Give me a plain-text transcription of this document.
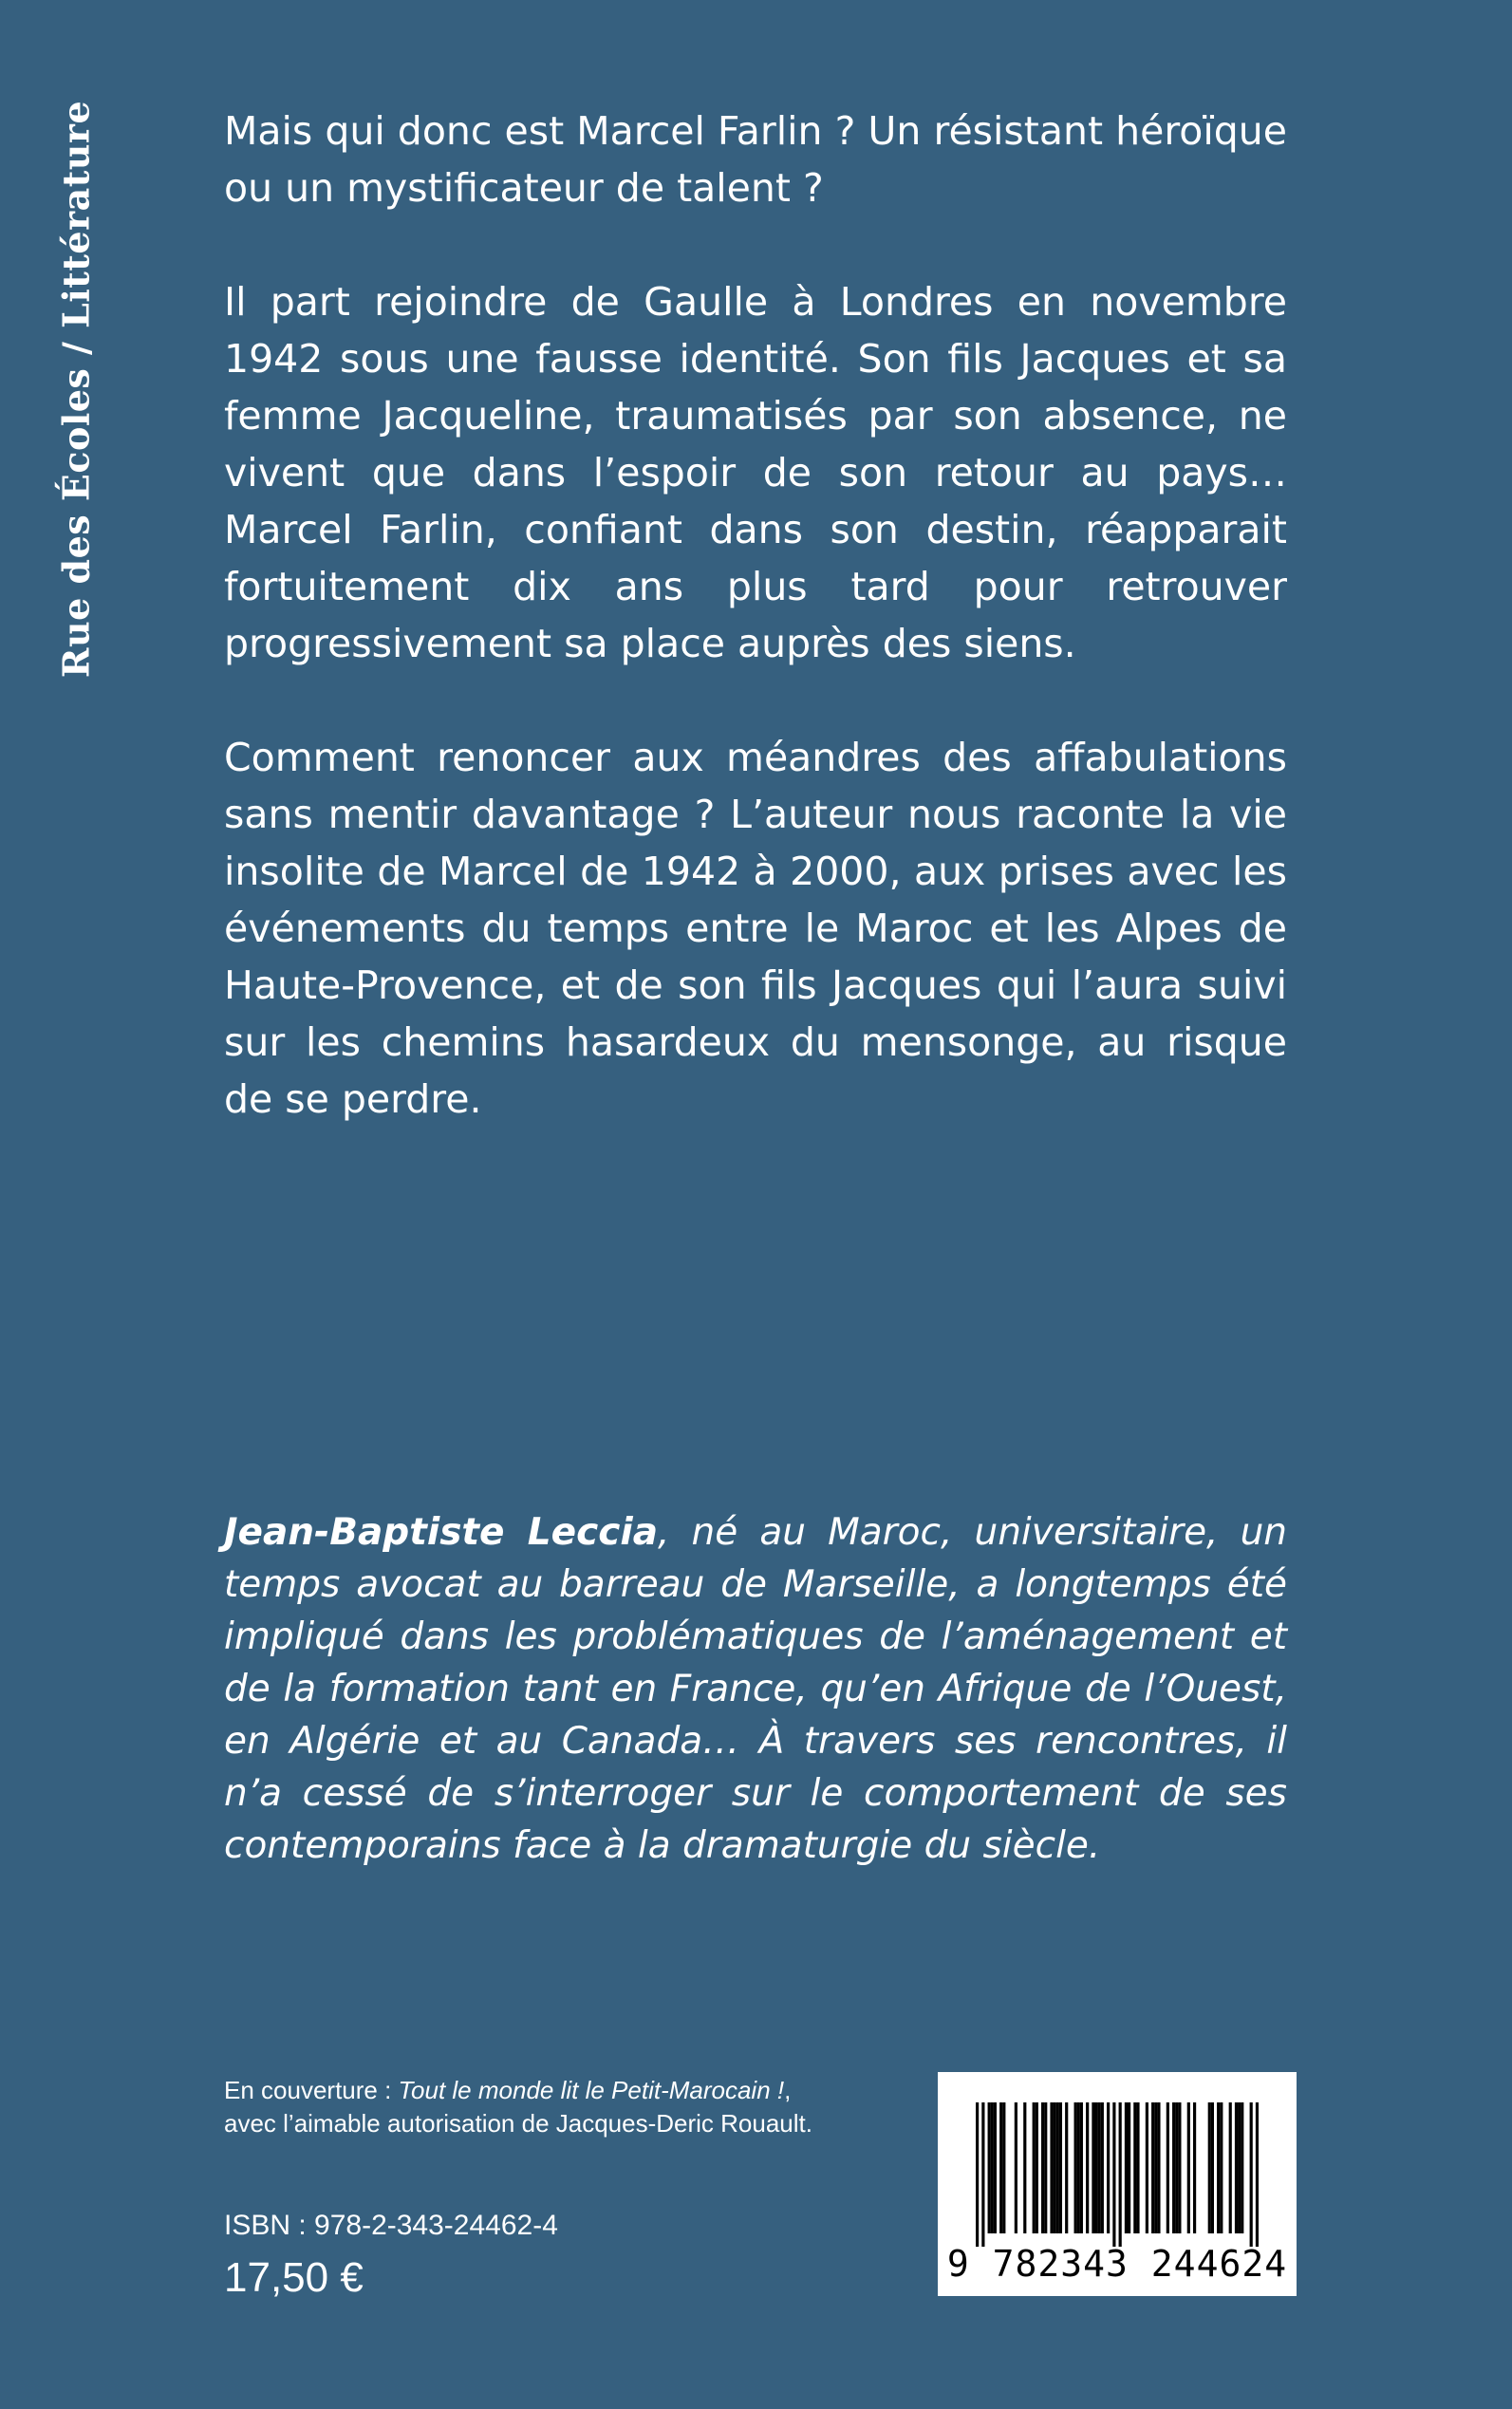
Rue des Écoles / Littérature	Mais qui donc est Marcel Farlin ? Un résistant héroïque ou un mystificateur de talent ?

Il part rejoindre de Gaulle à Londres en novembre 1942 sous une fausse identité. Son fils Jacques et sa femme Jacqueline, traumatisés par son absence, ne vivent que dans l’espoir de son retour au pays… Marcel Farlin, confiant dans son destin, réapparait fortuitement dix ans plus tard pour retrouver progressivement sa place auprès des siens.

Comment renoncer aux méandres des affabulations sans mentir davantage ? L’auteur nous raconte la vie insolite de Marcel de 1942 à 2000, aux prises avec les événements du temps entre le Maroc et les Alpes de Haute-Provence, et de son fils Jacques qui l’aura suivi sur les chemins hasardeux du mensonge, au risque de se perdre.

Jean-Baptiste Leccia, né au Maroc, universitaire, un temps avocat au barreau de Marseille, a longtemps été impliqué dans les problématiques de l’aménagement et de la formation tant en France, qu’en Afrique de l’Ouest, en Algérie et au Canada… À travers ses rencontres, il n’a cessé de s’interroger sur le comportement de ses contemporains face à la dramaturgie du siècle.
En couverture : Tout le monde lit le Petit-Marocain !,
avec l’aimable autorisation de Jacques-Deric Rouault.
ISBN : 978-2-343-24462-4
17,50 €	9 782343 244624
